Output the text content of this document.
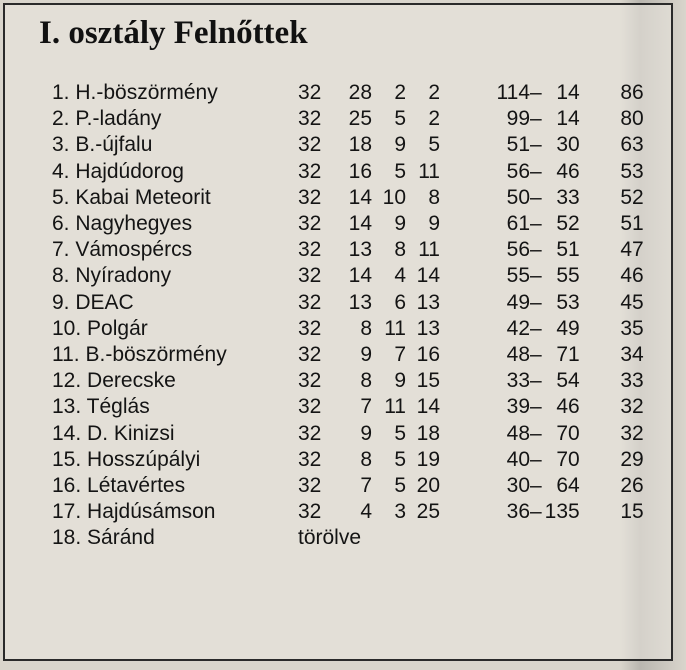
I. osztály Felnőttek
1. H.-böszörmény	32	28	2	2		114	–	14	86
2. P.-ladány	32	25	5	2		99	–	14	80
3. B.-újfalu	32	18	9	5		51	–	30	63
4. Hajdúdorog	32	16	5	11		56	–	46	53
5. Kabai Meteorit	32	14	10	8		50	–	33	52
6. Nagyhegyes	32	14	9	9		61	–	52	51
7. Vámospércs	32	13	8	11		56	–	51	47
8. Nyíradony	32	14	4	14		55	–	55	46
9. DEAC	32	13	6	13		49	–	53	45
10. Polgár	32	8	11	13		42	–	49	35
11. B.-böszörmény	32	9	7	16		48	–	71	34
12. Derecske	32	8	9	15		33	–	54	33
13. Téglás	32	7	11	14		39	–	46	32
14. D. Kinizsi	32	9	5	18		48	–	70	32
15. Hosszúpályi	32	8	5	19		40	–	70	29
16. Létavértes	32	7	5	20		30	–	64	26
17. Hajdúsámson	32	4	3	25		36	–	135	15
18. Sáránd	törölve								
